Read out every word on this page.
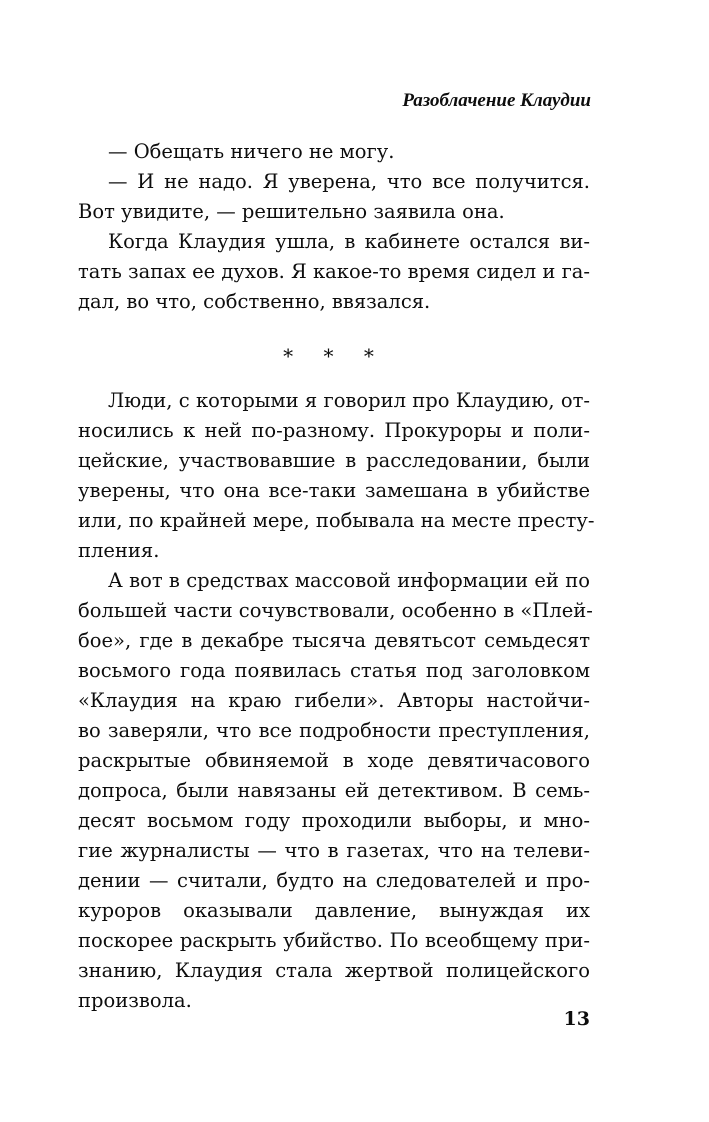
Разоблачение Клаудии
— Обещать ничего не могу.
— И не надо. Я уверена, что все получится.
Вот увидите, — решительно заявила она.
Когда Клаудия ушла, в кабинете остался ви-
тать запах ее духов. Я какое-то время сидел и га-
дал, во что, собственно, ввязался.
* * *
Люди, с которыми я говорил про Клаудию, от-
носились к ней по-разному. Прокуроры и поли-
цейские, участвовавшие в расследовании, были
уверены, что она все-таки замешана в убийстве
или, по крайней мере, побывала на месте престу-
пления.
А вот в средствах массовой информации ей по
большей части сочувствовали, особенно в «Плей-
бое», где в декабре тысяча девятьсот семьдесят
восьмого года появилась статья под заголовком
«Клаудия на краю гибели». Авторы настойчи-
во заверяли, что все подробности преступления,
раскрытые обвиняемой в ходе девятичасового
допроса, были навязаны ей детективом. В семь-
десят восьмом году проходили выборы, и мно-
гие журналисты — что в газетах, что на телеви-
дении — считали, будто на следователей и про-
куроров оказывали давление, вынуждая их
поскорее раскрыть убийство. По всеобщему при-
знанию, Клаудия стала жертвой полицейского
произвола.
13
